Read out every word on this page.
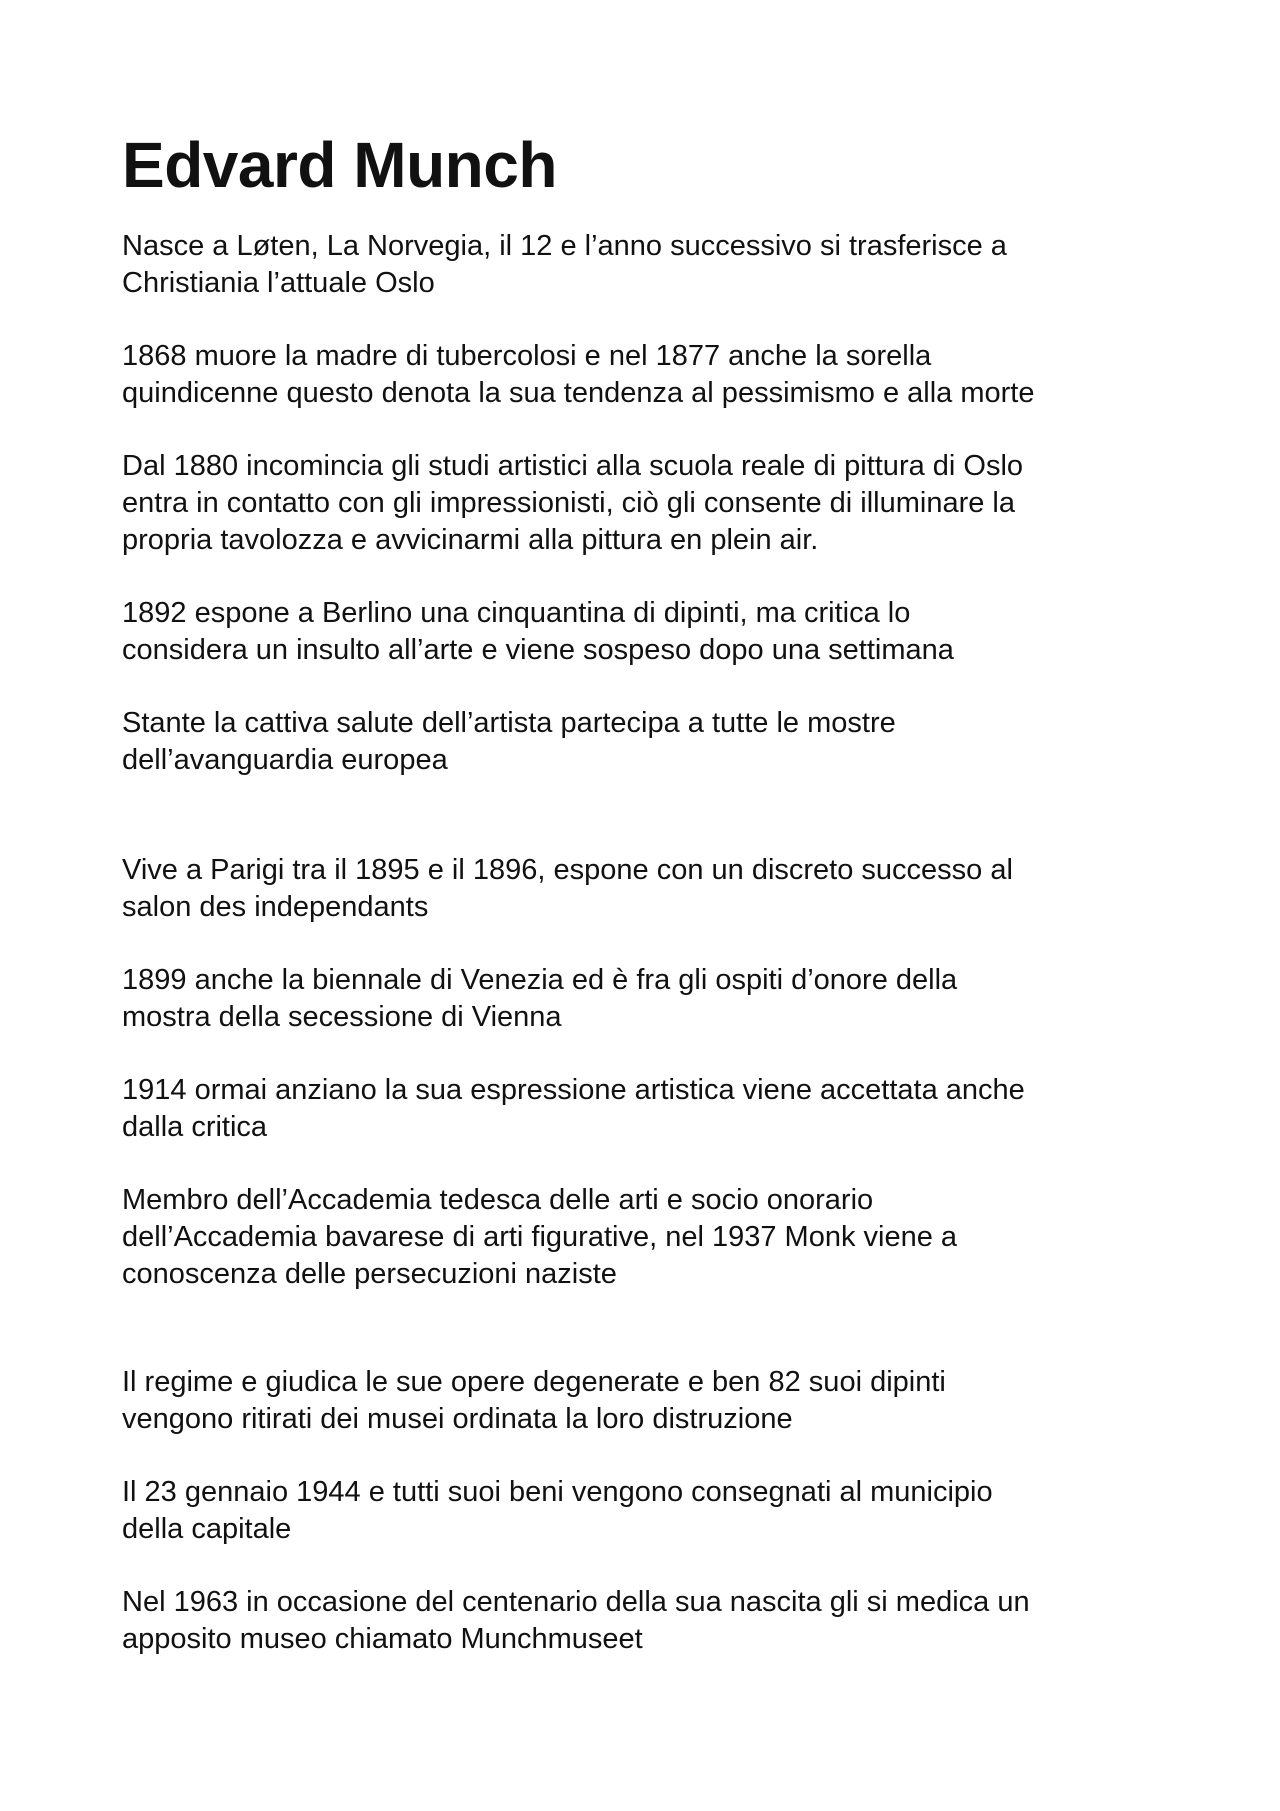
Edvard Munch

Nasce a Løten, La Norvegia, il 12 e l’anno successivo si trasferisce a
Christiania l’attuale Oslo

1868 muore la madre di tubercolosi e nel 1877 anche la sorella
quindicenne questo denota la sua tendenza al pessimismo e alla morte

Dal 1880 incomincia gli studi artistici alla scuola reale di pittura di Oslo
entra in contatto con gli impressionisti, ciò gli consente di illuminare la
propria tavolozza e avvicinarmi alla pittura en plein air.

1892 espone a Berlino una cinquantina di dipinti, ma critica lo
considera un insulto all’arte e viene sospeso dopo una settimana

Stante la cattiva salute dell’artista partecipa a tutte le mostre
dell’avanguardia europea

Vive a Parigi tra il 1895 e il 1896, espone con un discreto successo al
salon des independants

1899 anche la biennale di Venezia ed è fra gli ospiti d’onore della
mostra della secessione di Vienna

1914 ormai anziano la sua espressione artistica viene accettata anche
dalla critica

Membro dell’Accademia tedesca delle arti e socio onorario
dell’Accademia bavarese di arti figurative, nel 1937 Monk viene a
conoscenza delle persecuzioni naziste

Il regime e giudica le sue opere degenerate e ben 82 suoi dipinti
vengono ritirati dei musei ordinata la loro distruzione

Il 23 gennaio 1944 e tutti suoi beni vengono consegnati al municipio
della capitale

Nel 1963 in occasione del centenario della sua nascita gli si medica un
apposito museo chiamato Munchmuseet
